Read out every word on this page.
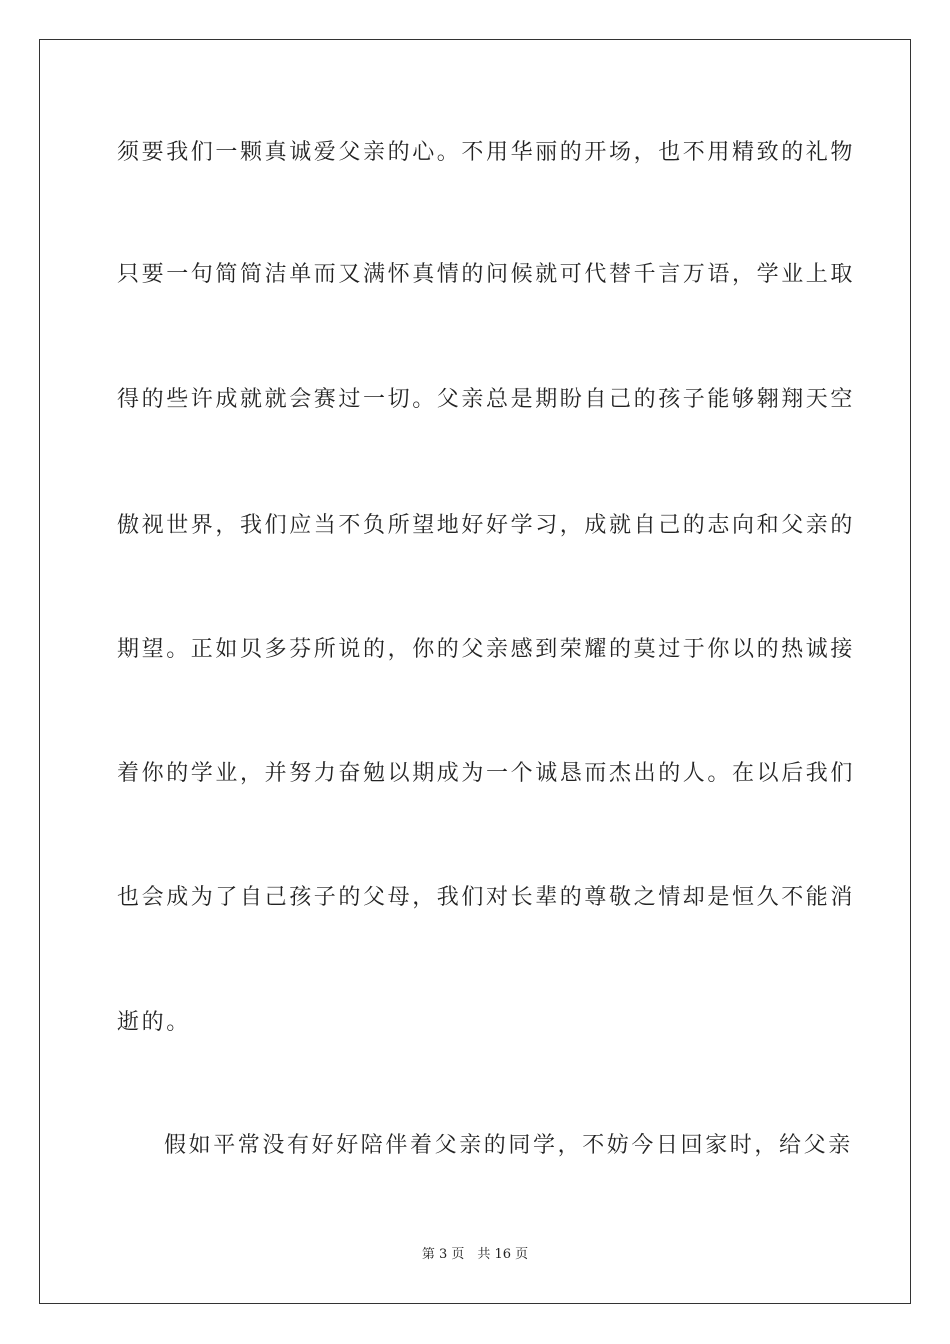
须要我们一颗真诚爱父亲的心。不用华丽的开场，也不用精致的礼物
只要一句简简洁单而又满怀真情的问候就可代替千言万语，学业上取
得的些许成就就会赛过一切。父亲总是期盼自己的孩子能够翱翔天空
傲视世界，我们应当不负所望地好好学习，成就自己的志向和父亲的
期望。正如贝多芬所说的，你的父亲感到荣耀的莫过于你以的热诚接
着你的学业，并努力奋勉以期成为一个诚恳而杰出的人。在以后我们
也会成为了自己孩子的父母，我们对长辈的尊敬之情却是恒久不能消
逝的。
假如平常没有好好陪伴着父亲的同学，不妨今日回家时，给父亲
第 3 页　共 16 页
